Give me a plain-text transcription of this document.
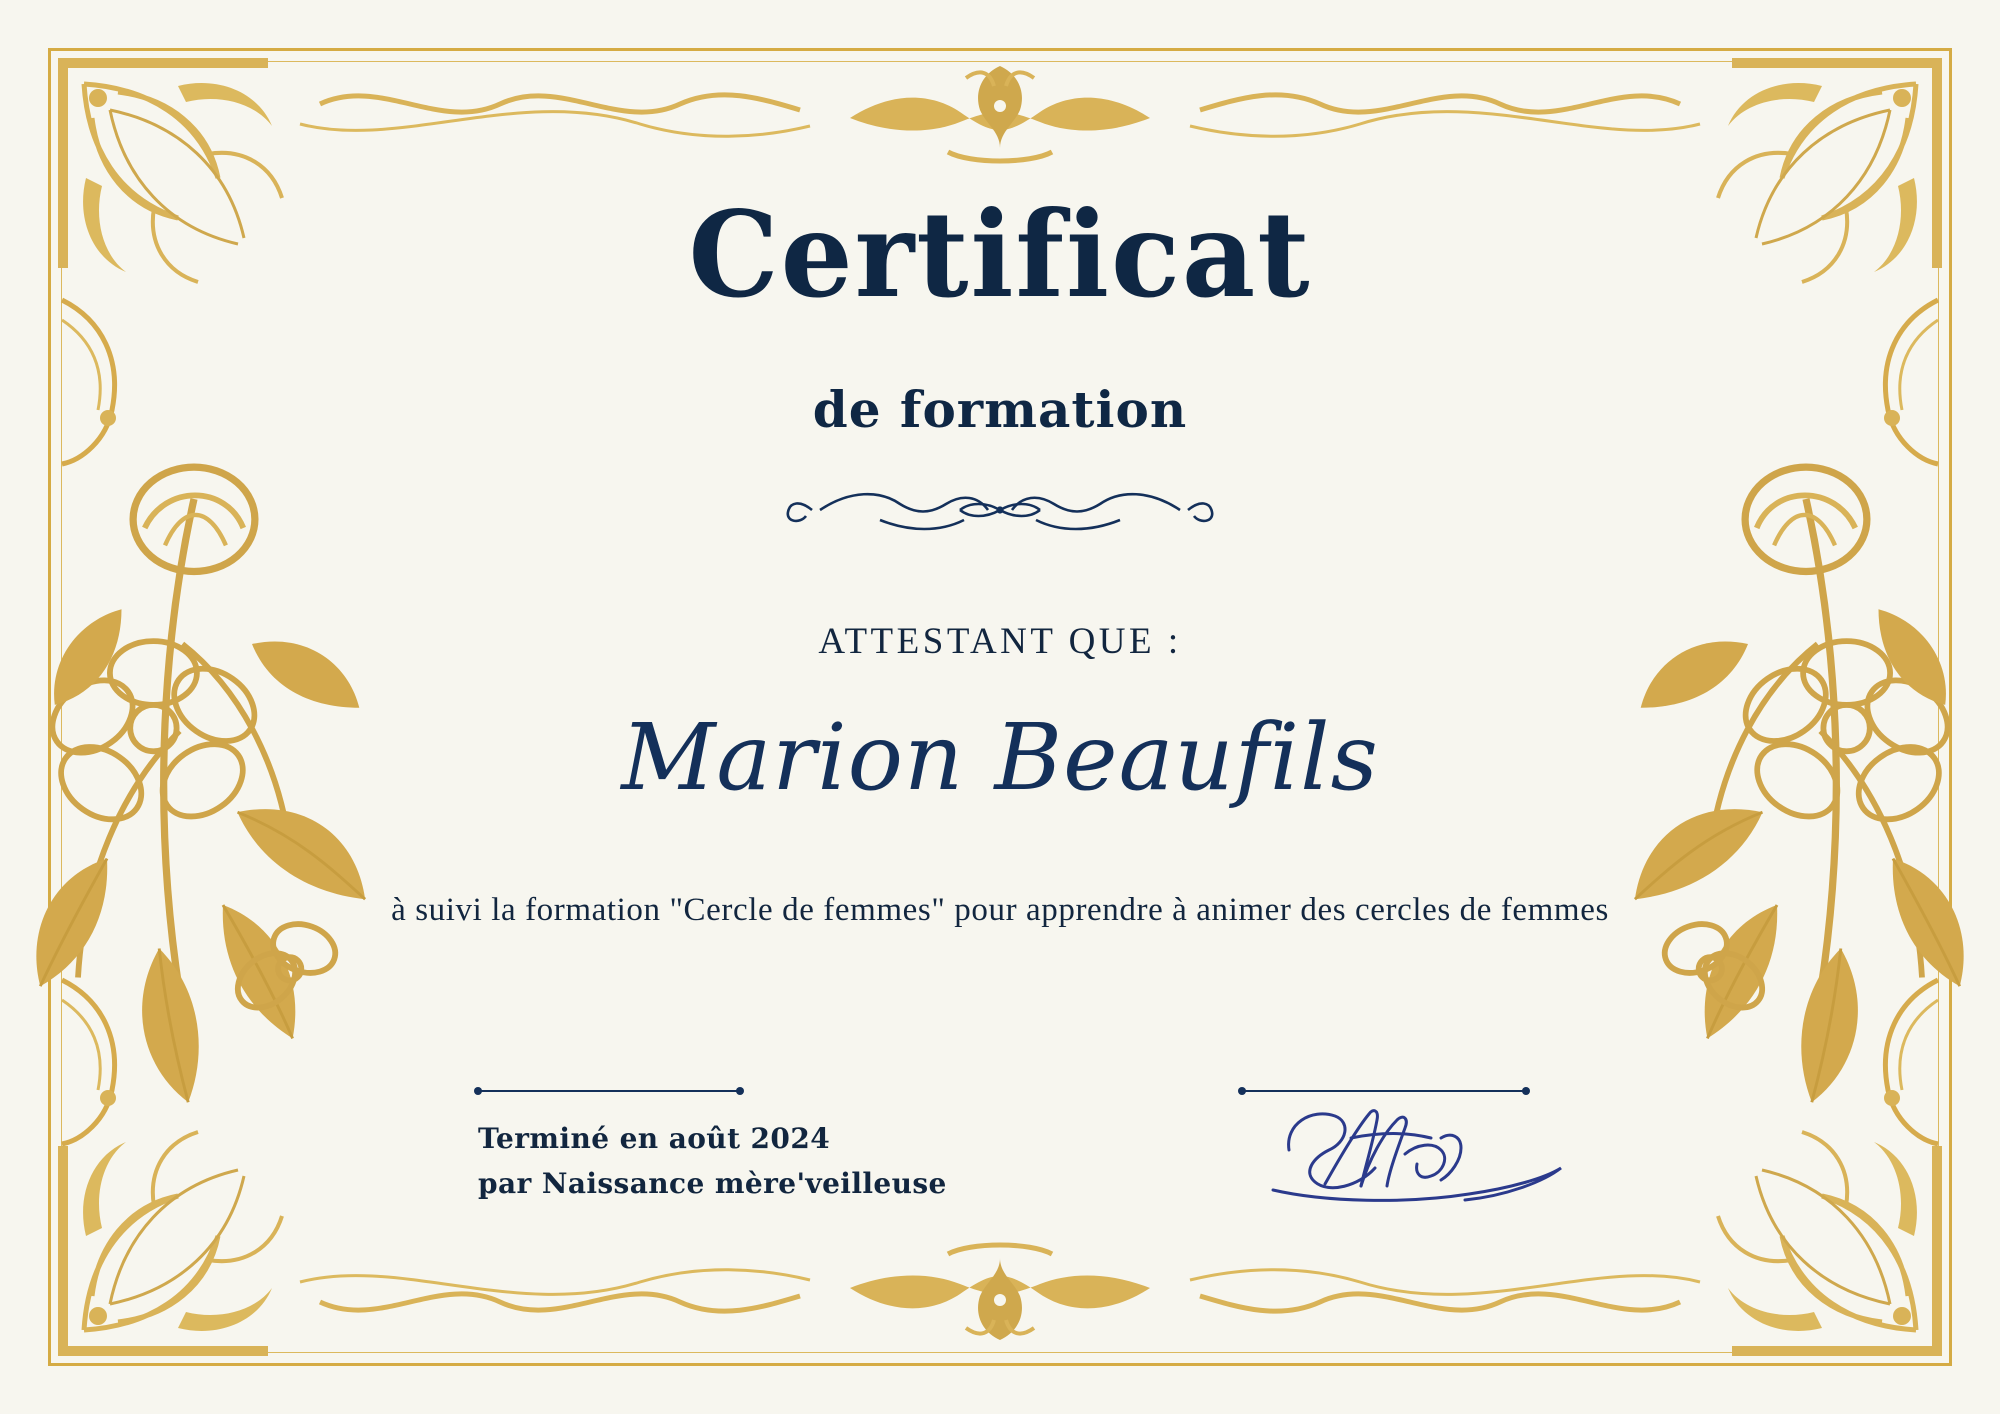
Certificat
de formation
ATTESTANT QUE :
Marion Beaufils
à suivi la formation "Cercle de femmes" pour apprendre à animer des cercles de femmes
Terminé en août 2024
par Naissance mère'veilleuse
